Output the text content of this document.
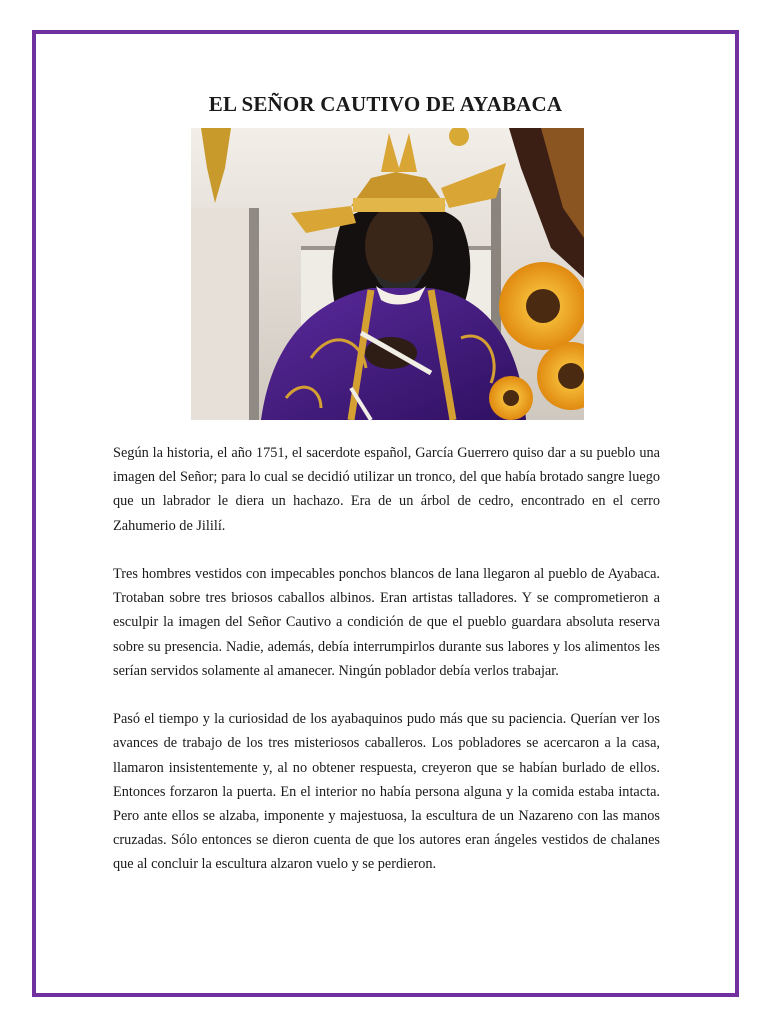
EL SEÑOR CAUTIVO DE AYABACA

Según la historia, el año 1751, el sacerdote español, García Guerrero quiso dar a su pueblo una imagen del Señor; para lo cual se decidió utilizar un tronco, del que había brotado sangre luego que un labrador le diera un hachazo. Era de un árbol de cedro, encontrado en el cerro Zahumerio de Jililí.

Tres hombres vestidos con impecables ponchos blancos de lana llegaron al pueblo de Ayabaca. Trotaban sobre tres briosos caballos albinos. Eran artistas talladores. Y se comprometieron a esculpir la imagen del Señor Cautivo a condición de que el pueblo guardara absoluta reserva sobre su presencia. Nadie, además, debía interrumpirlos durante sus labores y los alimentos les serían servidos solamente al amanecer. Ningún poblador debía verlos trabajar.

Pasó el tiempo y la curiosidad de los ayabaquinos pudo más que su paciencia. Querían ver los avances de trabajo de los tres misteriosos caballeros. Los pobladores se acercaron a la casa, llamaron insistentemente y, al no obtener respuesta, creyeron que se habían burlado de ellos. Entonces forzaron la puerta. En el interior no había persona alguna y la comida estaba intacta. Pero ante ellos se alzaba, imponente y majestuosa, la escultura de un Nazareno con las manos cruzadas. Sólo entonces se dieron cuenta de que los autores eran ángeles vestidos de chalanes que al concluir la escultura alzaron vuelo y se perdieron.
